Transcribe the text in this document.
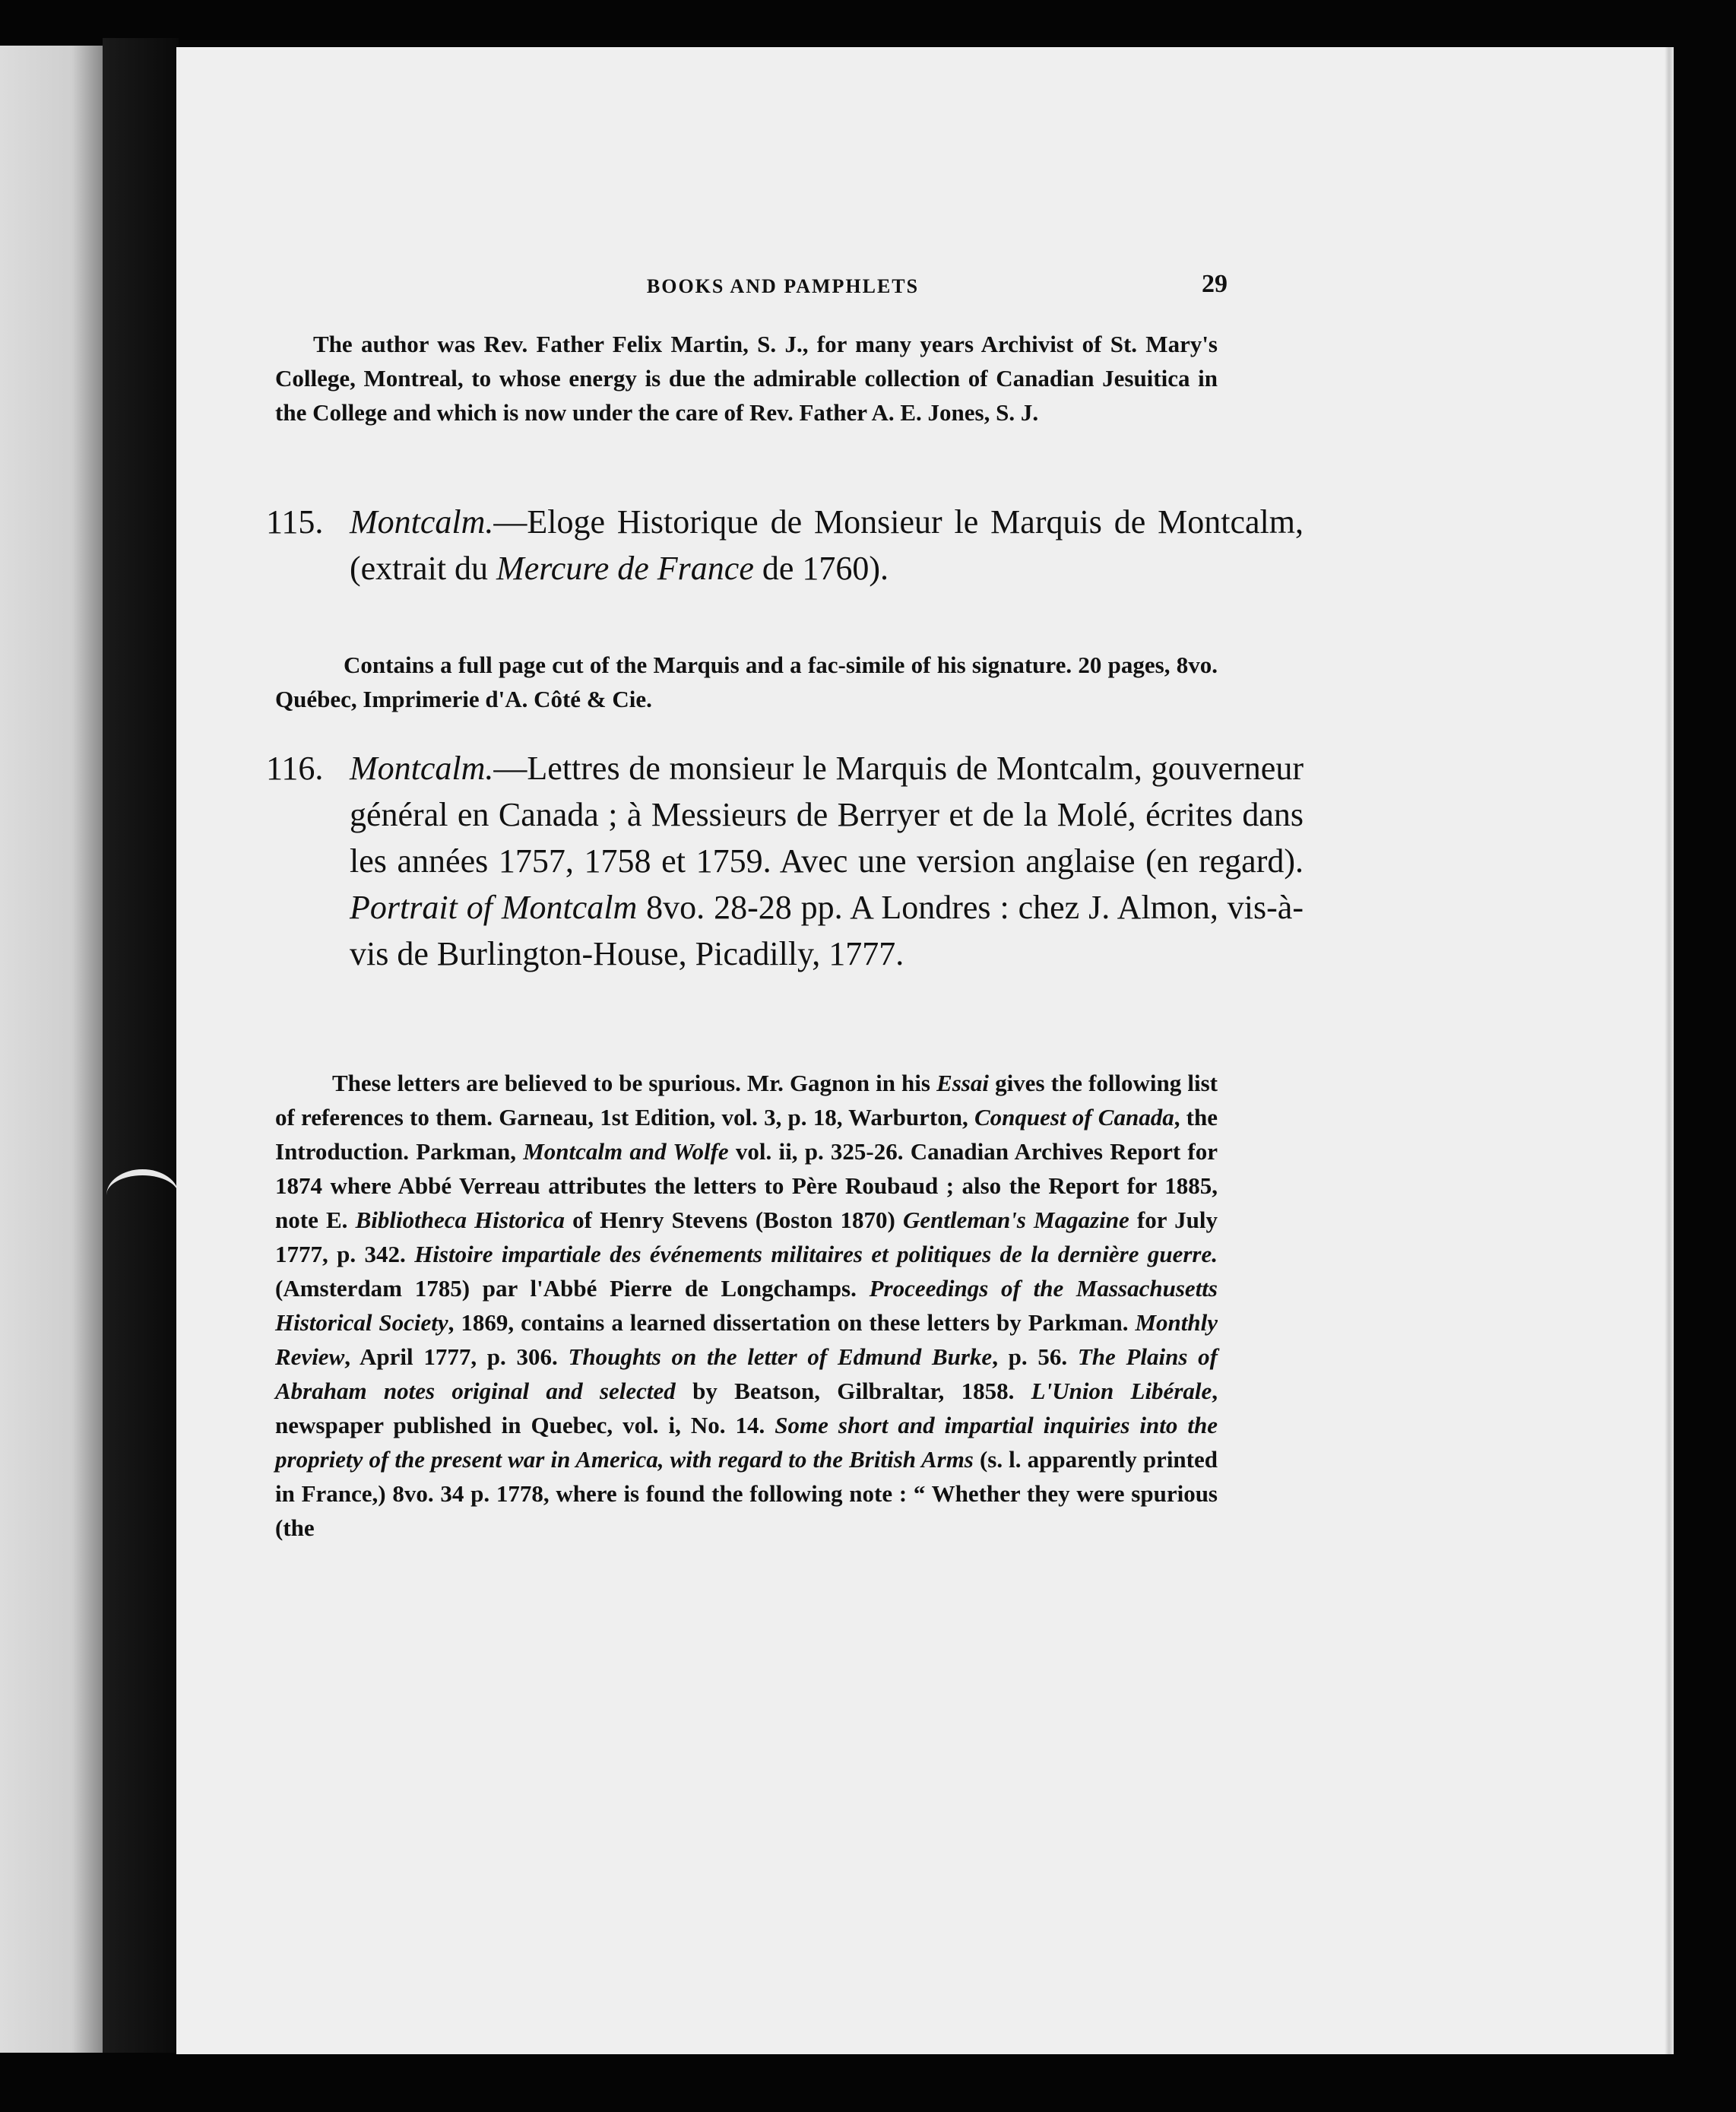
BOOKS AND PAMPHLETS	29

The author was Rev. Father Felix Martin, S. J., for many years Archivist of St. Mary's College, Montreal, to whose energy is due the admirable collection of Canadian Jesuitica in the College and which is now under the care of Rev. Father A. E. Jones, S. J.

115. Montcalm.—Eloge Historique de Monsieur le Marquis de Montcalm, (extrait du Mercure de France de 1760).

Contains a full page cut of the Marquis and a fac-simile of his signature. 20 pages, 8vo. Québec, Imprimerie d'A. Côté & Cie.

116. Montcalm.—Lettres de monsieur le Marquis de Montcalm, gouverneur général en Canada ; à Messieurs de Berryer et de la Molé, écrites dans les années 1757, 1758 et 1759. Avec une version anglaise (en regard). Portrait of Montcalm 8vo. 28-28 pp. A Londres : chez J. Almon, vis-à-vis de Burlington-House, Picadilly, 1777.

These letters are believed to be spurious. Mr. Gagnon in his Essai gives the following list of references to them. Garneau, 1st Edition, vol. 3, p. 18, Warburton, Conquest of Canada, the Introduction. Parkman, Montcalm and Wolfe vol. ii, p. 325-26. Canadian Archives Report for 1874 where Abbé Verreau attributes the letters to Père Roubaud ; also the Report for 1885, note E. Bibliotheca Historica of Henry Stevens (Boston 1870) Gentleman's Magazine for July 1777, p. 342. Histoire impartiale des événements militaires et politiques de la dernière guerre. (Amsterdam 1785) par l'Abbé Pierre de Longchamps. Proceedings of the Massachusetts Historical Society, 1869, contains a learned dissertation on these letters by Parkman. Monthly Review, April 1777, p. 306. Thoughts on the letter of Edmund Burke, p. 56. The Plains of Abraham notes original and selected by Beatson, Gilbraltar, 1858. L'Union Libérale, newspaper published in Quebec, vol. i, No. 14. Some short and impartial inquiries into the propriety of the present war in America, with regard to the British Arms (s. l. apparently printed in France,) 8vo. 34 p. 1778, where is found the following note : “ Whether they were spurious (the
